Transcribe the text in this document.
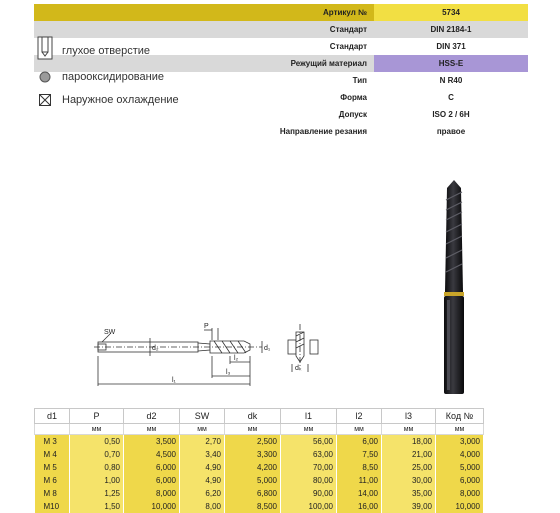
Артикул №	5734
Стандарт	DIN 2184-1
Стандарт	DIN 371
Режущий материал	HSS-E
Тип	N R40
Форма	C
Допуск	ISO 2 / 6H
Направление резания	правое
глухое отверстие
парооксидирование
Наружное охлаждение
SW
P
d₂	d₁
l₂
l₃
l₁
dₖ
d1	P	d2	SW	dk	l1	l2	l3	Код №
	мм	мм	мм	мм	мм	мм	мм	мм
M 3	0,50	3,500	2,70	2,500	56,00	6,00	18,00	3,000
M 4	0,70	4,500	3,40	3,300	63,00	7,50	21,00	4,000
M 5	0,80	6,000	4,90	4,200	70,00	8,50	25,00	5,000
M 6	1,00	6,000	4,90	5,000	80,00	11,00	30,00	6,000
M 8	1,25	8,000	6,20	6,800	90,00	14,00	35,00	8,000
M10	1,50	10,000	8,00	8,500	100,00	16,00	39,00	10,000
